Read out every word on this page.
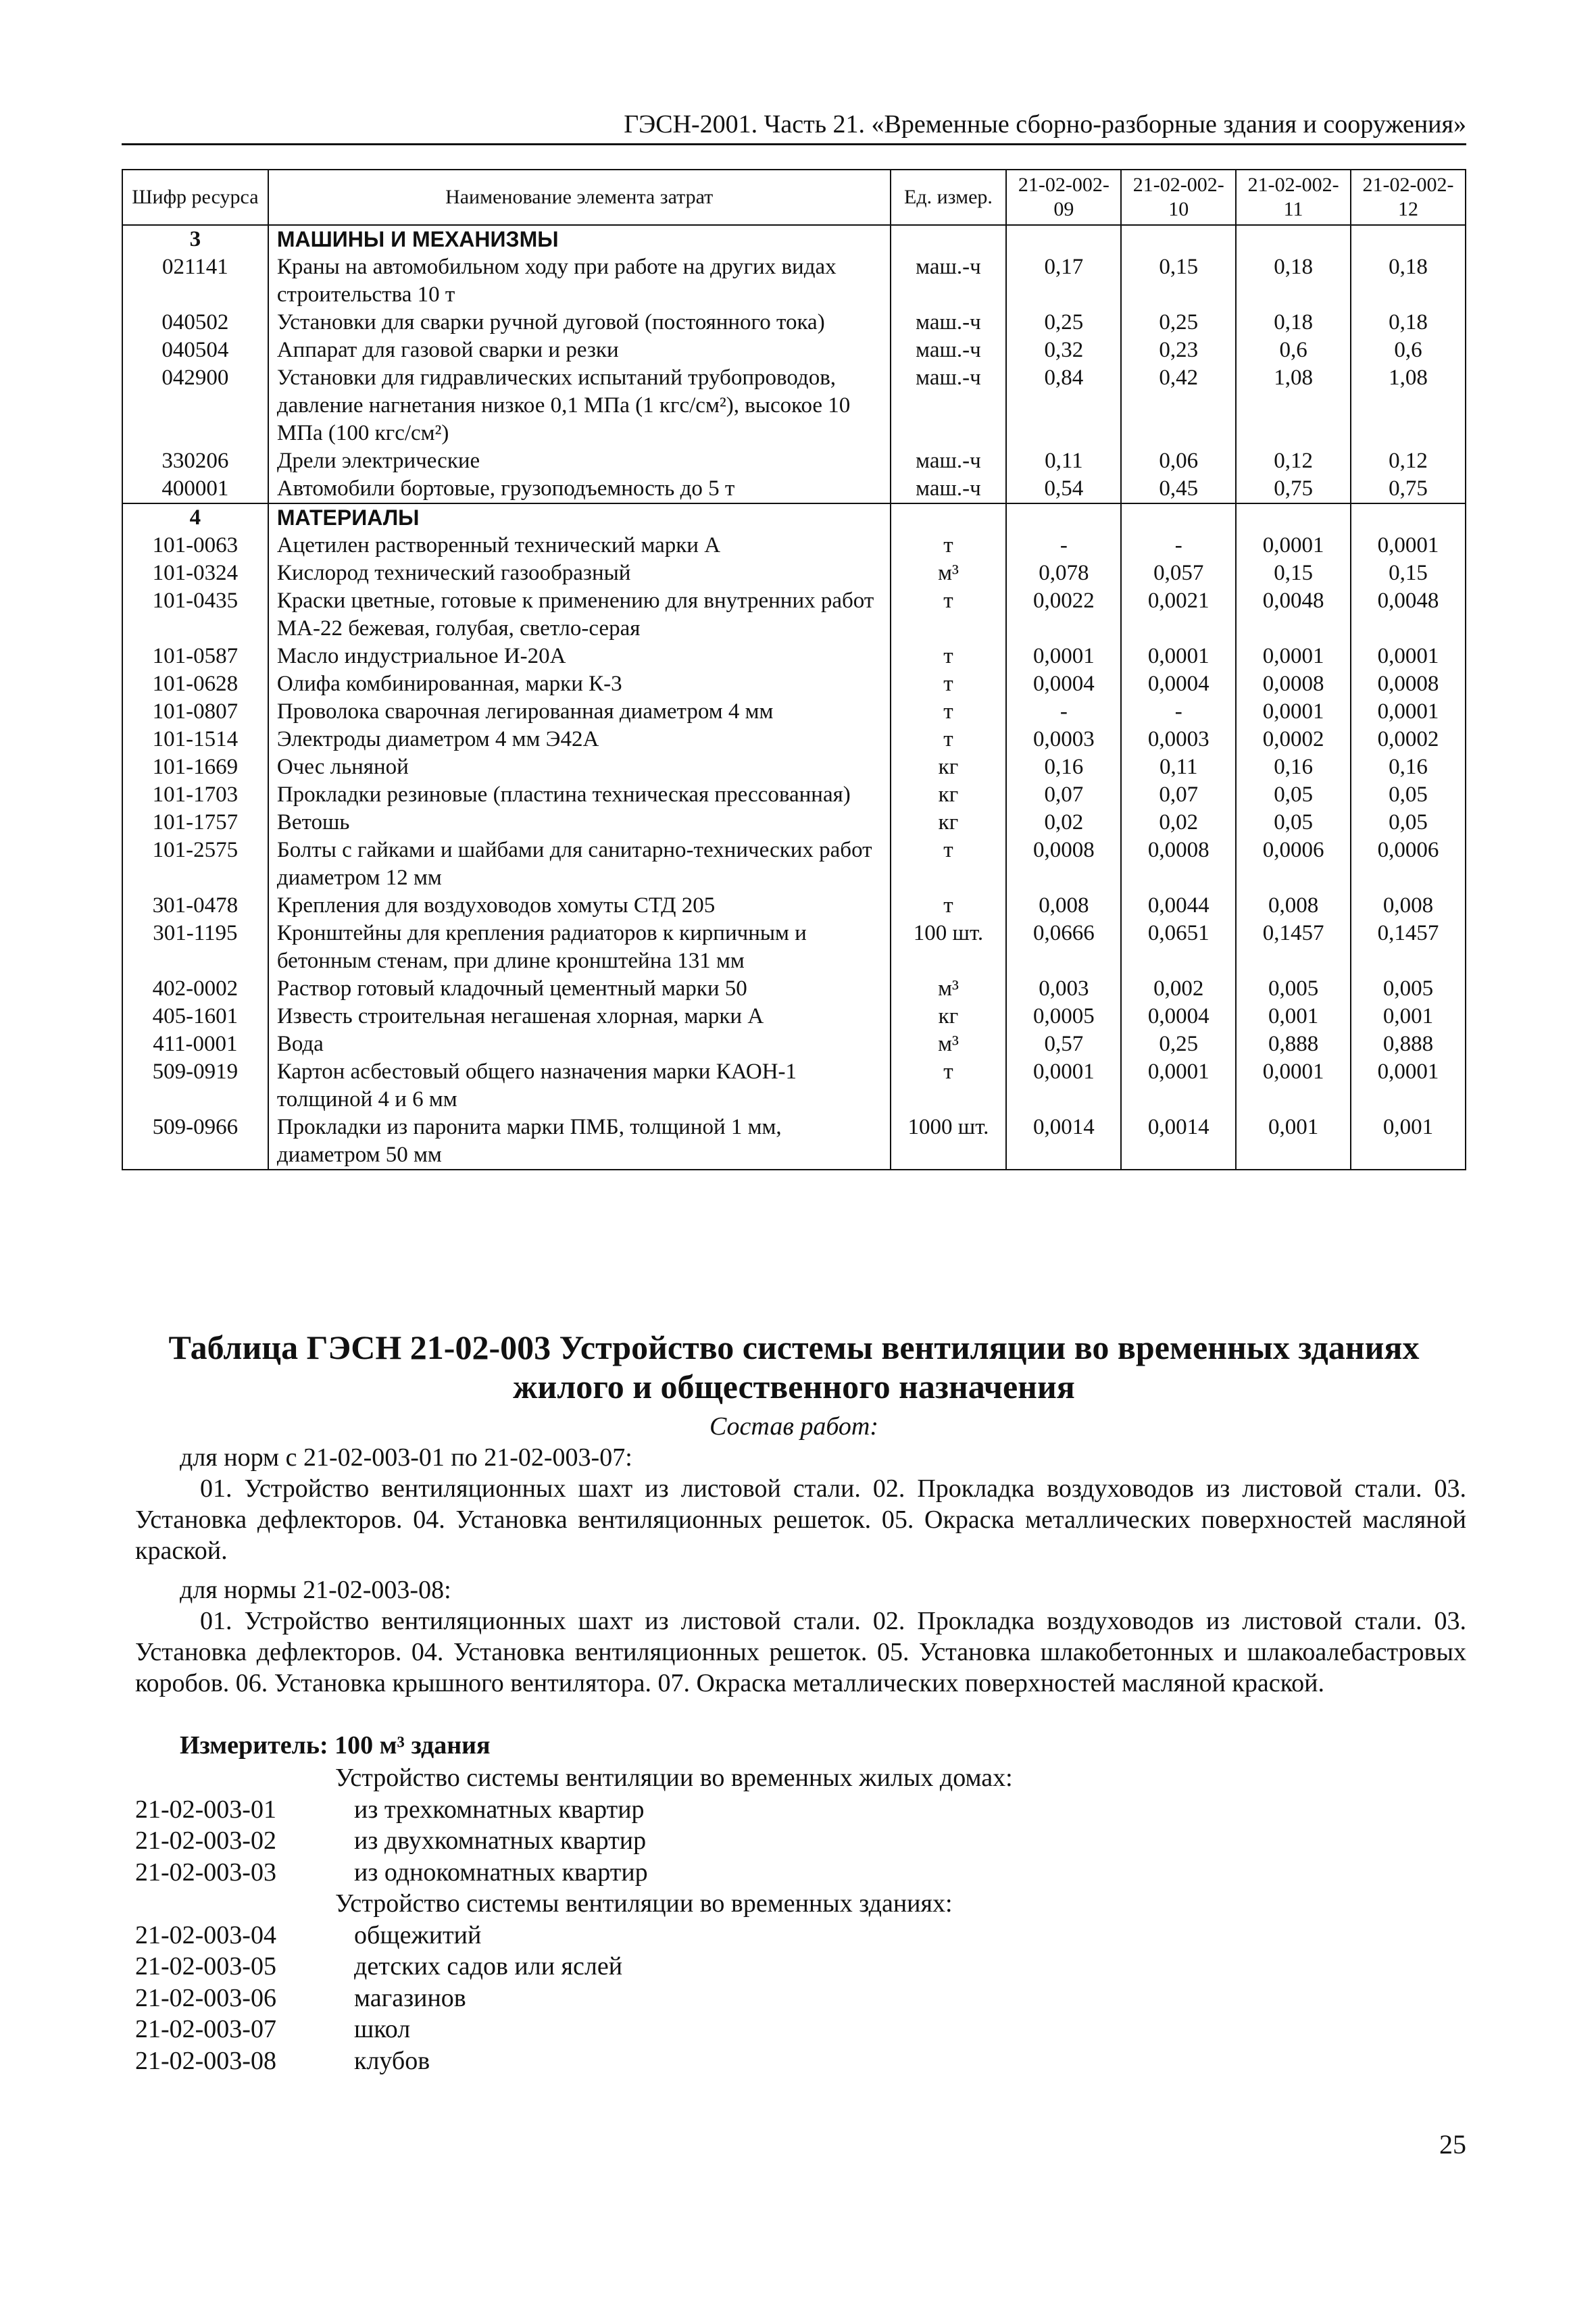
ГЭСН-2001. Часть 21. «Временные сборно-разборные здания и сооружения»
Шифр ресурса	Наименование элемента затрат	Ед. измер.	21-02-002-09	21-02-002-10	21-02-002-11	21-02-002-12
3	МАШИНЫ И МЕХАНИЗМЫ					
021141	Краны на автомобильном ходу при работе на других видах строительства 10 т	маш.-ч	0,17	0,15	0,18	0,18
040502	Установки для сварки ручной дуговой (постоянного тока)	маш.-ч	0,25	0,25	0,18	0,18
040504	Аппарат для газовой сварки и резки	маш.-ч	0,32	0,23	0,6	0,6
042900	Установки для гидравлических испытаний трубопроводов, давление нагнетания низкое 0,1 МПа (1 кгс/см²), высокое 10 МПа (100 кгс/см²)	маш.-ч	0,84	0,42	1,08	1,08
330206	Дрели электрические	маш.-ч	0,11	0,06	0,12	0,12
400001	Автомобили бортовые, грузоподъемность до 5 т	маш.-ч	0,54	0,45	0,75	0,75
4	МАТЕРИАЛЫ					
101-0063	Ацетилен растворенный технический марки А	т	-	-	0,0001	0,0001
101-0324	Кислород технический газообразный	м³	0,078	0,057	0,15	0,15
101-0435	Краски цветные, готовые к применению для внутренних работ МА-22 бежевая, голубая, светло-серая	т	0,0022	0,0021	0,0048	0,0048
101-0587	Масло индустриальное И-20А	т	0,0001	0,0001	0,0001	0,0001
101-0628	Олифа комбинированная, марки К-3	т	0,0004	0,0004	0,0008	0,0008
101-0807	Проволока сварочная легированная диаметром 4 мм	т	-	-	0,0001	0,0001
101-1514	Электроды диаметром 4 мм Э42А	т	0,0003	0,0003	0,0002	0,0002
101-1669	Очес льняной	кг	0,16	0,11	0,16	0,16
101-1703	Прокладки резиновые (пластина техническая прессованная)	кг	0,07	0,07	0,05	0,05
101-1757	Ветошь	кг	0,02	0,02	0,05	0,05
101-2575	Болты с гайками и шайбами для санитарно-технических работ диаметром 12 мм	т	0,0008	0,0008	0,0006	0,0006
301-0478	Крепления для воздуховодов хомуты СТД 205	т	0,008	0,0044	0,008	0,008
301-1195	Кронштейны для крепления радиаторов к кирпичным и бетонным стенам, при длине кронштейна 131 мм	100 шт.	0,0666	0,0651	0,1457	0,1457
402-0002	Раствор готовый кладочный цементный марки 50	м³	0,003	0,002	0,005	0,005
405-1601	Известь строительная негашеная хлорная, марки А	кг	0,0005	0,0004	0,001	0,001
411-0001	Вода	м³	0,57	0,25	0,888	0,888
509-0919	Картон асбестовый общего назначения марки КАОН-1 толщиной 4 и 6 мм	т	0,0001	0,0001	0,0001	0,0001
509-0966	Прокладки из паронита марки ПМБ, толщиной 1 мм, диаметром 50 мм	1000 шт.	0,0014	0,0014	0,001	0,001
Таблица ГЭСН 21-02-003 Устройство системы вентиляции во временных зданиях
жилого и общественного назначения
Состав работ:
для норм с 21-02-003-01 по 21-02-003-07:
01. Устройство вентиляционных шахт из листовой стали. 02. Прокладка воздуховодов из листовой стали. 03. Установка дефлекторов. 04. Установка вентиляционных решеток. 05. Окраска металлических поверхностей масляной краской.
для нормы 21-02-003-08:
01. Устройство вентиляционных шахт из листовой стали. 02. Прокладка воздуховодов из листовой стали. 03. Установка дефлекторов. 04. Установка вентиляционных решеток. 05. Установка шлакобетонных и шлакоалебастровых коробов. 06. Установка крышного вентилятора. 07. Окраска металлических поверхностей масляной краской.
Измеритель: 100 м³ здания
Устройство системы вентиляции во временных жилых домах:
21-02-003-01	из трехкомнатных квартир
21-02-003-02	из двухкомнатных квартир
21-02-003-03	из однокомнатных квартир
Устройство системы вентиляции во временных зданиях:
21-02-003-04	общежитий
21-02-003-05	детских садов или яслей
21-02-003-06	магазинов
21-02-003-07	школ
21-02-003-08	клубов
25
